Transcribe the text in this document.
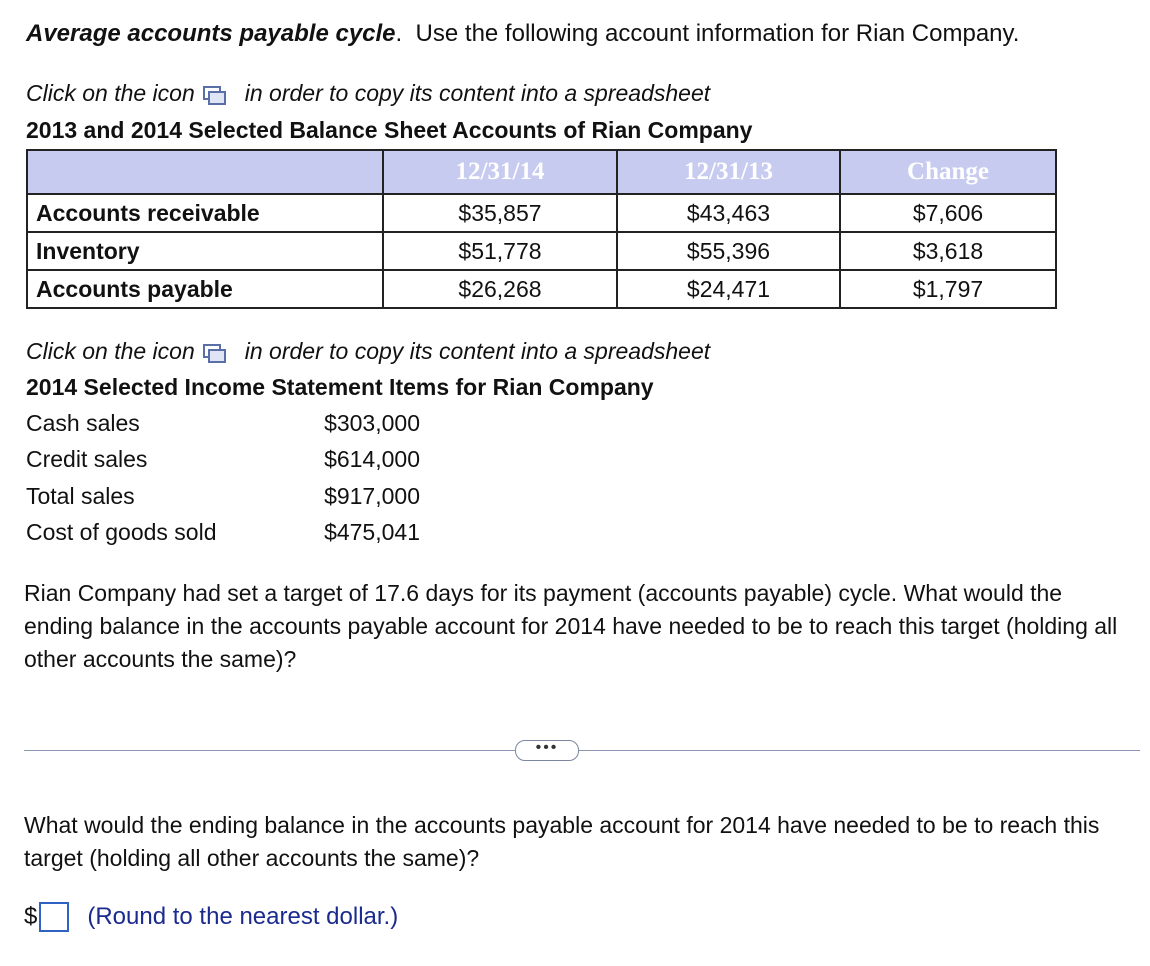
Average accounts payable cycle. Use the following account information for Rian Company.
Click on the icon in order to copy its content into a spreadsheet
2013 and 2014 Selected Balance Sheet Accounts of Rian Company
	12/31/14	12/31/13	Change
Accounts receivable	$35,857	$43,463	$7,606
Inventory	$51,778	$55,396	$3,618
Accounts payable	$26,268	$24,471	$1,797
Click on the icon in order to copy its content into a spreadsheet
2014 Selected Income Statement Items for Rian Company
Cash sales	$303,000
Credit sales	$614,000
Total sales	$917,000
Cost of goods sold	$475,041
Rian Company had set a target of 17.6 days for its payment (accounts payable) cycle. What would the ending balance in the accounts payable account for 2014 have needed to be to reach this target (holding all other accounts the same)?
•••
What would the ending balance in the accounts payable account for 2014 have needed to be to reach this target (holding all other accounts the same)?
$ (Round to the nearest dollar.)
